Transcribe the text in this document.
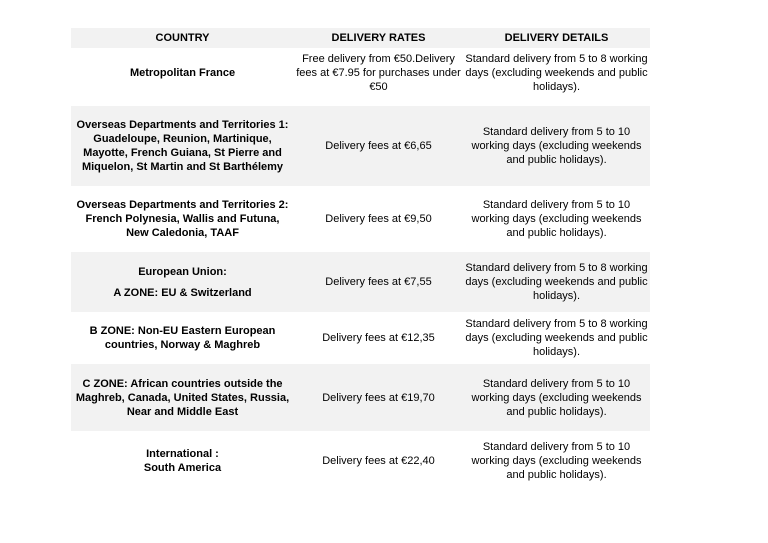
COUNTRY	DELIVERY RATES	DELIVERY DETAILS
Metropolitan France
Free delivery from €50.Delivery fees at €7.95 for purchases under €50
Standard delivery from 5 to 8 working days (excluding weekends and public holidays).
Overseas Departments and Territories 1: Guadeloupe, Reunion, Martinique, Mayotte, French Guiana, St Pierre and Miquelon, St Martin and St Barthélemy
Delivery fees at €6,65
Standard delivery from 5 to 10 working days (excluding weekends and public holidays).
Overseas Departments and Territories 2: French Polynesia, Wallis and Futuna, New Caledonia, TAAF
Delivery fees at €9,50
Standard delivery from 5 to 10 working days (excluding weekends and public holidays).
European Union:
A ZONE: EU & Switzerland
Delivery fees at €7,55
Standard delivery from 5 to 8 working days (excluding weekends and public holidays).
B ZONE: Non-EU Eastern European countries, Norway & Maghreb
Delivery fees at €12,35
Standard delivery from 5 to 8 working days (excluding weekends and public holidays).
C ZONE: African countries outside the Maghreb, Canada, United States, Russia, Near and Middle East
Delivery fees at €19,70
Standard delivery from 5 to 10 working days (excluding weekends and public holidays).
International :
South America
Delivery fees at €22,40
Standard delivery from 5 to 10 working days (excluding weekends and public holidays).
